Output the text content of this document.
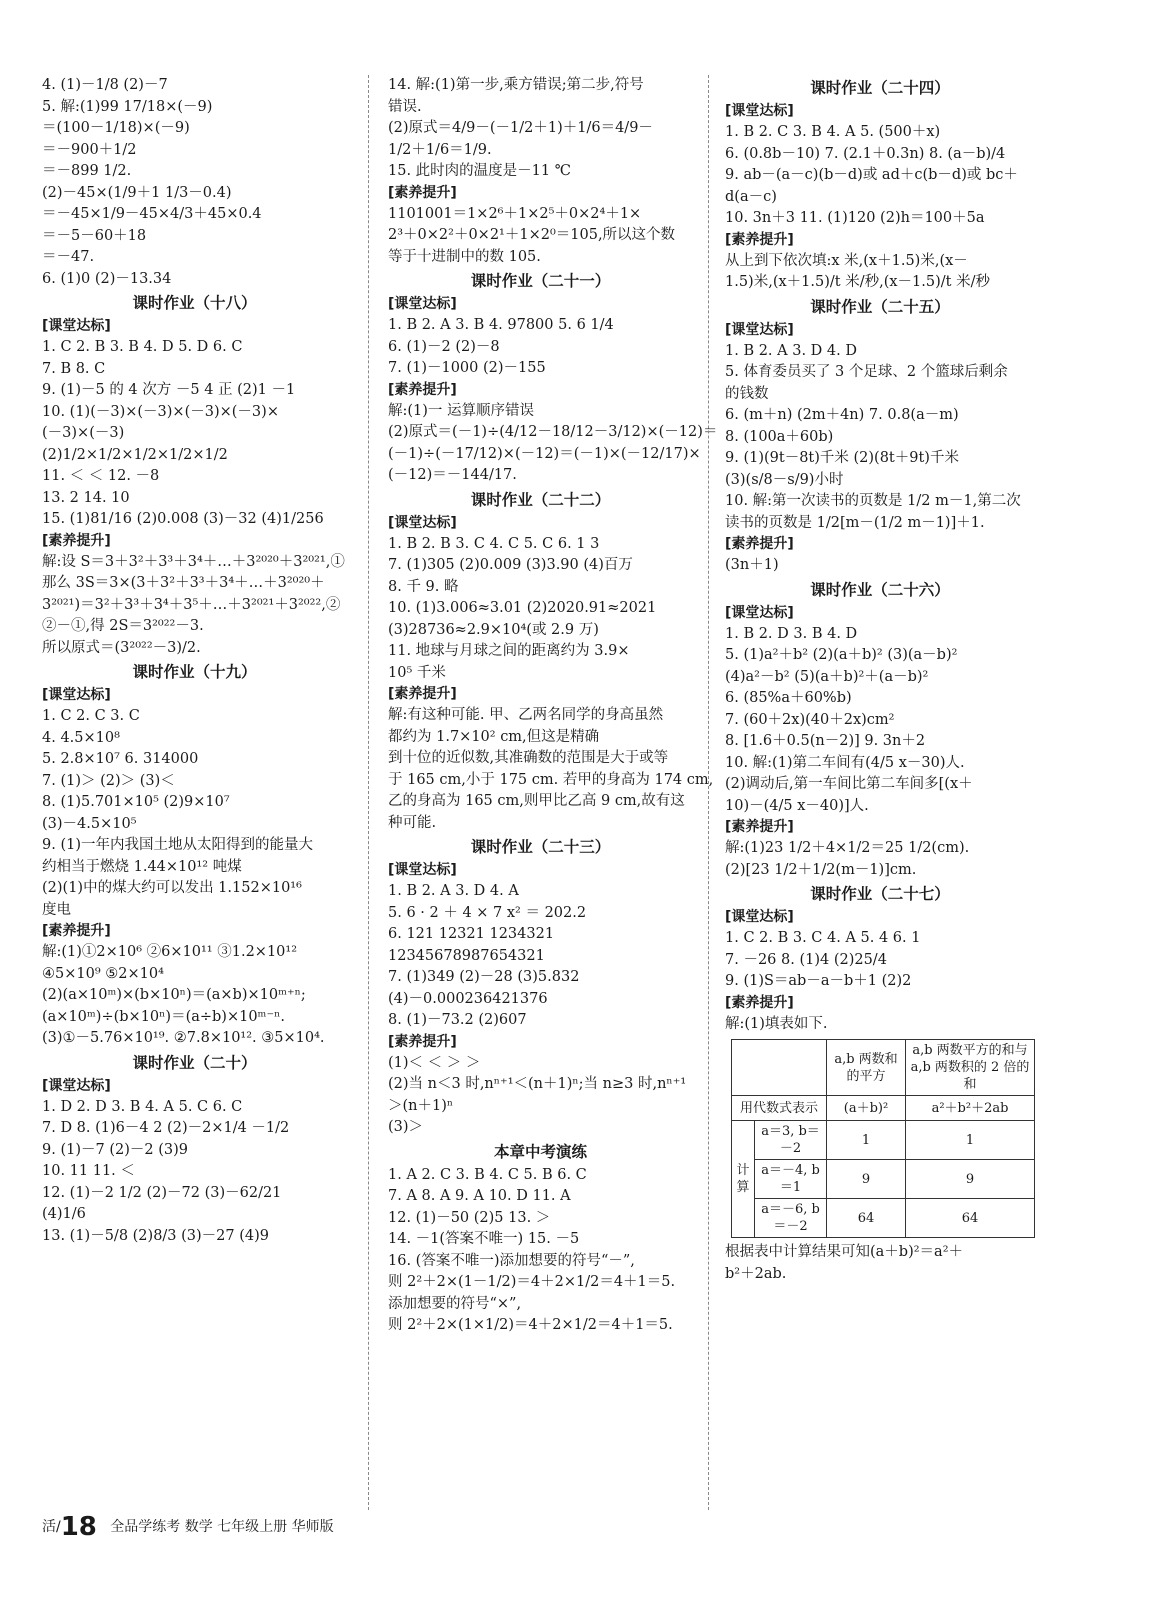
4. (1)－1/8 (2)－7
5. 解:(1)99 17/18×(－9)
＝(100－1/18)×(－9)
＝－900＋1/2
＝－899 1/2.
(2)－45×(1/9＋1 1/3－0.4)
＝－45×1/9－45×4/3＋45×0.4
＝－5－60＋18
＝－47.
6. (1)0 (2)－13.34
课时作业（十八）
[课堂达标]
1. C 2. B 3. B 4. D 5. D 6. C
7. B 8. C
9. (1)－5 的 4 次方 －5 4 正 (2)1 －1
10. (1)(－3)×(－3)×(－3)×(－3)×
(－3)×(－3)
(2)1/2×1/2×1/2×1/2×1/2
11. ＜ ＜ 12. －8
13. 2 14. 10
15. (1)81/16 (2)0.008 (3)－32 (4)1/256
[素养提升]
解:设 S＝3＋3²＋3³＋3⁴＋…＋3²⁰²⁰＋3²⁰²¹,①
那么 3S＝3×(3＋3²＋3³＋3⁴＋…＋3²⁰²⁰＋
3²⁰²¹)＝3²＋3³＋3⁴＋3⁵＋…＋3²⁰²¹＋3²⁰²²,②
②－①,得 2S＝3²⁰²²－3.
所以原式＝(3²⁰²²－3)/2.
课时作业（十九）
[课堂达标]
1. C 2. C 3. C
4. 4.5×10⁸
5. 2.8×10⁷ 6. 314000
7. (1)＞ (2)＞ (3)＜
8. (1)5.701×10⁵ (2)9×10⁷
(3)－4.5×10⁵
9. (1)一年内我国土地从太阳得到的能量大
约相当于燃烧 1.44×10¹² 吨煤
(2)(1)中的煤大约可以发出 1.152×10¹⁶
度电
[素养提升]
解:(1)①2×10⁶ ②6×10¹¹ ③1.2×10¹²
④5×10⁹ ⑤2×10⁴
(2)(a×10ᵐ)×(b×10ⁿ)＝(a×b)×10ᵐ⁺ⁿ;
(a×10ᵐ)÷(b×10ⁿ)＝(a÷b)×10ᵐ⁻ⁿ.
(3)①－5.76×10¹⁹. ②7.8×10¹². ③5×10⁴.
课时作业（二十）
[课堂达标]
1. D 2. D 3. B 4. A 5. C 6. C
7. D 8. (1)6－4 2 (2)－2×1/4 －1/2
9. (1)－7 (2)－2 (3)9
10. 11 11. ＜
12. (1)－2 1/2 (2)－72 (3)－62/21
(4)1/6
13. (1)－5/8 (2)8/3 (3)－27 (4)9
14. 解:(1)第一步,乘方错误;第二步,符号
错误.
(2)原式＝4/9－(－1/2＋1)＋1/6＝4/9－
1/2＋1/6＝1/9.
15. 此时肉的温度是－11 ℃
[素养提升]
1101001＝1×2⁶＋1×2⁵＋0×2⁴＋1×
2³＋0×2²＋0×2¹＋1×2⁰＝105,所以这个数
等于十进制中的数 105.
课时作业（二十一）
[课堂达标]
1. B 2. A 3. B 4. 97800 5. 6 1/4
6. (1)－2 (2)－8
7. (1)－1000 (2)－155
[素养提升]
解:(1)一 运算顺序错误
(2)原式＝(－1)÷(4/12－18/12－3/12)×(－12)＝
(－1)÷(－17/12)×(－12)＝(－1)×(－12/17)×
(－12)＝－144/17.
课时作业（二十二）
[课堂达标]
1. B 2. B 3. C 4. C 5. C 6. 1 3
7. (1)305 (2)0.009 (3)3.90 (4)百万
8. 千 9. 略
10. (1)3.006≈3.01 (2)2020.91≈2021
(3)28736≈2.9×10⁴(或 2.9 万)
11. 地球与月球之间的距离约为 3.9×
10⁵ 千米
[素养提升]
解:有这种可能. 甲、乙两名同学的身高虽然
都约为 1.7×10² cm,但这是精确
到十位的近似数,其准确数的范围是大于或等
于 165 cm,小于 175 cm. 若甲的身高为 174 cm,
乙的身高为 165 cm,则甲比乙高 9 cm,故有这
种可能.
课时作业（二十三）
[课堂达标]
1. B 2. A 3. D 4. A
5. 6 · 2 ＋ 4 × 7 x² ＝ 202.2
6. 121 12321 1234321
12345678987654321
7. (1)349 (2)－28 (3)5.832
(4)－0.000236421376
8. (1)－73.2 (2)607
[素养提升]
(1)＜ ＜ ＞ ＞
(2)当 n＜3 时,nⁿ⁺¹＜(n＋1)ⁿ;当 n≥3 时,nⁿ⁺¹
＞(n＋1)ⁿ
(3)＞
本章中考演练
1. A 2. C 3. B 4. C 5. B 6. C
7. A 8. A 9. A 10. D 11. A
12. (1)－50 (2)5 13. ＞
14. －1(答案不唯一) 15. －5
16. (答案不唯一)添加想要的符号“－”,
则 2²＋2×(1－1/2)＝4＋2×1/2＝4＋1＝5.
添加想要的符号“×”,
则 2²＋2×(1×1/2)＝4＋2×1/2＝4＋1＝5.
课时作业（二十四）
[课堂达标]
1. B 2. C 3. B 4. A 5. (500＋x)
6. (0.8b－10) 7. (2.1＋0.3n) 8. (a－b)/4
9. ab－(a－c)(b－d)或 ad＋c(b－d)或 bc＋
d(a－c)
10. 3n＋3 11. (1)120 (2)h＝100＋5a
[素养提升]
从上到下依次填:x 米,(x＋1.5)米,(x－
1.5)米,(x＋1.5)/t 米/秒,(x－1.5)/t 米/秒
课时作业（二十五）
[课堂达标]
1. B 2. A 3. D 4. D
5. 体育委员买了 3 个足球、2 个篮球后剩余
的钱数
6. (m＋n) (2m＋4n) 7. 0.8(a－m)
8. (100a＋60b)
9. (1)(9t－8t)千米 (2)(8t＋9t)千米
(3)(s/8－s/9)小时
10. 解:第一次读书的页数是 1/2 m－1,第二次
读书的页数是 1/2[m－(1/2 m－1)]＋1.
[素养提升]
(3n＋1)
课时作业（二十六）
[课堂达标]
1. B 2. D 3. B 4. D
5. (1)a²＋b² (2)(a＋b)² (3)(a－b)²
(4)a²－b² (5)(a＋b)²＋(a－b)²
6. (85%a＋60%b)
7. (60＋2x)(40＋2x)cm²
8. [1.6＋0.5(n－2)] 9. 3n＋2
10. 解:(1)第二车间有(4/5 x－30)人.
(2)调动后,第一车间比第二车间多[(x＋
10)－(4/5 x－40)]人.
[素养提升]
解:(1)23 1/2＋4×1/2＝25 1/2(cm).
(2)[23 1/2＋1/2(m－1)]cm.
课时作业（二十七）
[课堂达标]
1. C 2. B 3. C 4. A 5. 4 6. 1
7. －26 8. (1)4 (2)25/4
9. (1)S＝ab－a－b＋1 (2)2
[素养提升]
解:(1)填表如下.
		a,b 两数和的平方	a,b 两数平方的和与 a,b 两数积的 2 倍的和
用代数式表示		(a＋b)²	a²＋b²＋2ab
计算	a＝3, b＝－2	1	1
	a＝－4, b＝1	9	9
	a＝－6, b＝－2	64	64
根据表中计算结果可知(a＋b)²＝a²＋
b²＋2ab.
活/18 全品学练考 数学 七年级上册 华师版
